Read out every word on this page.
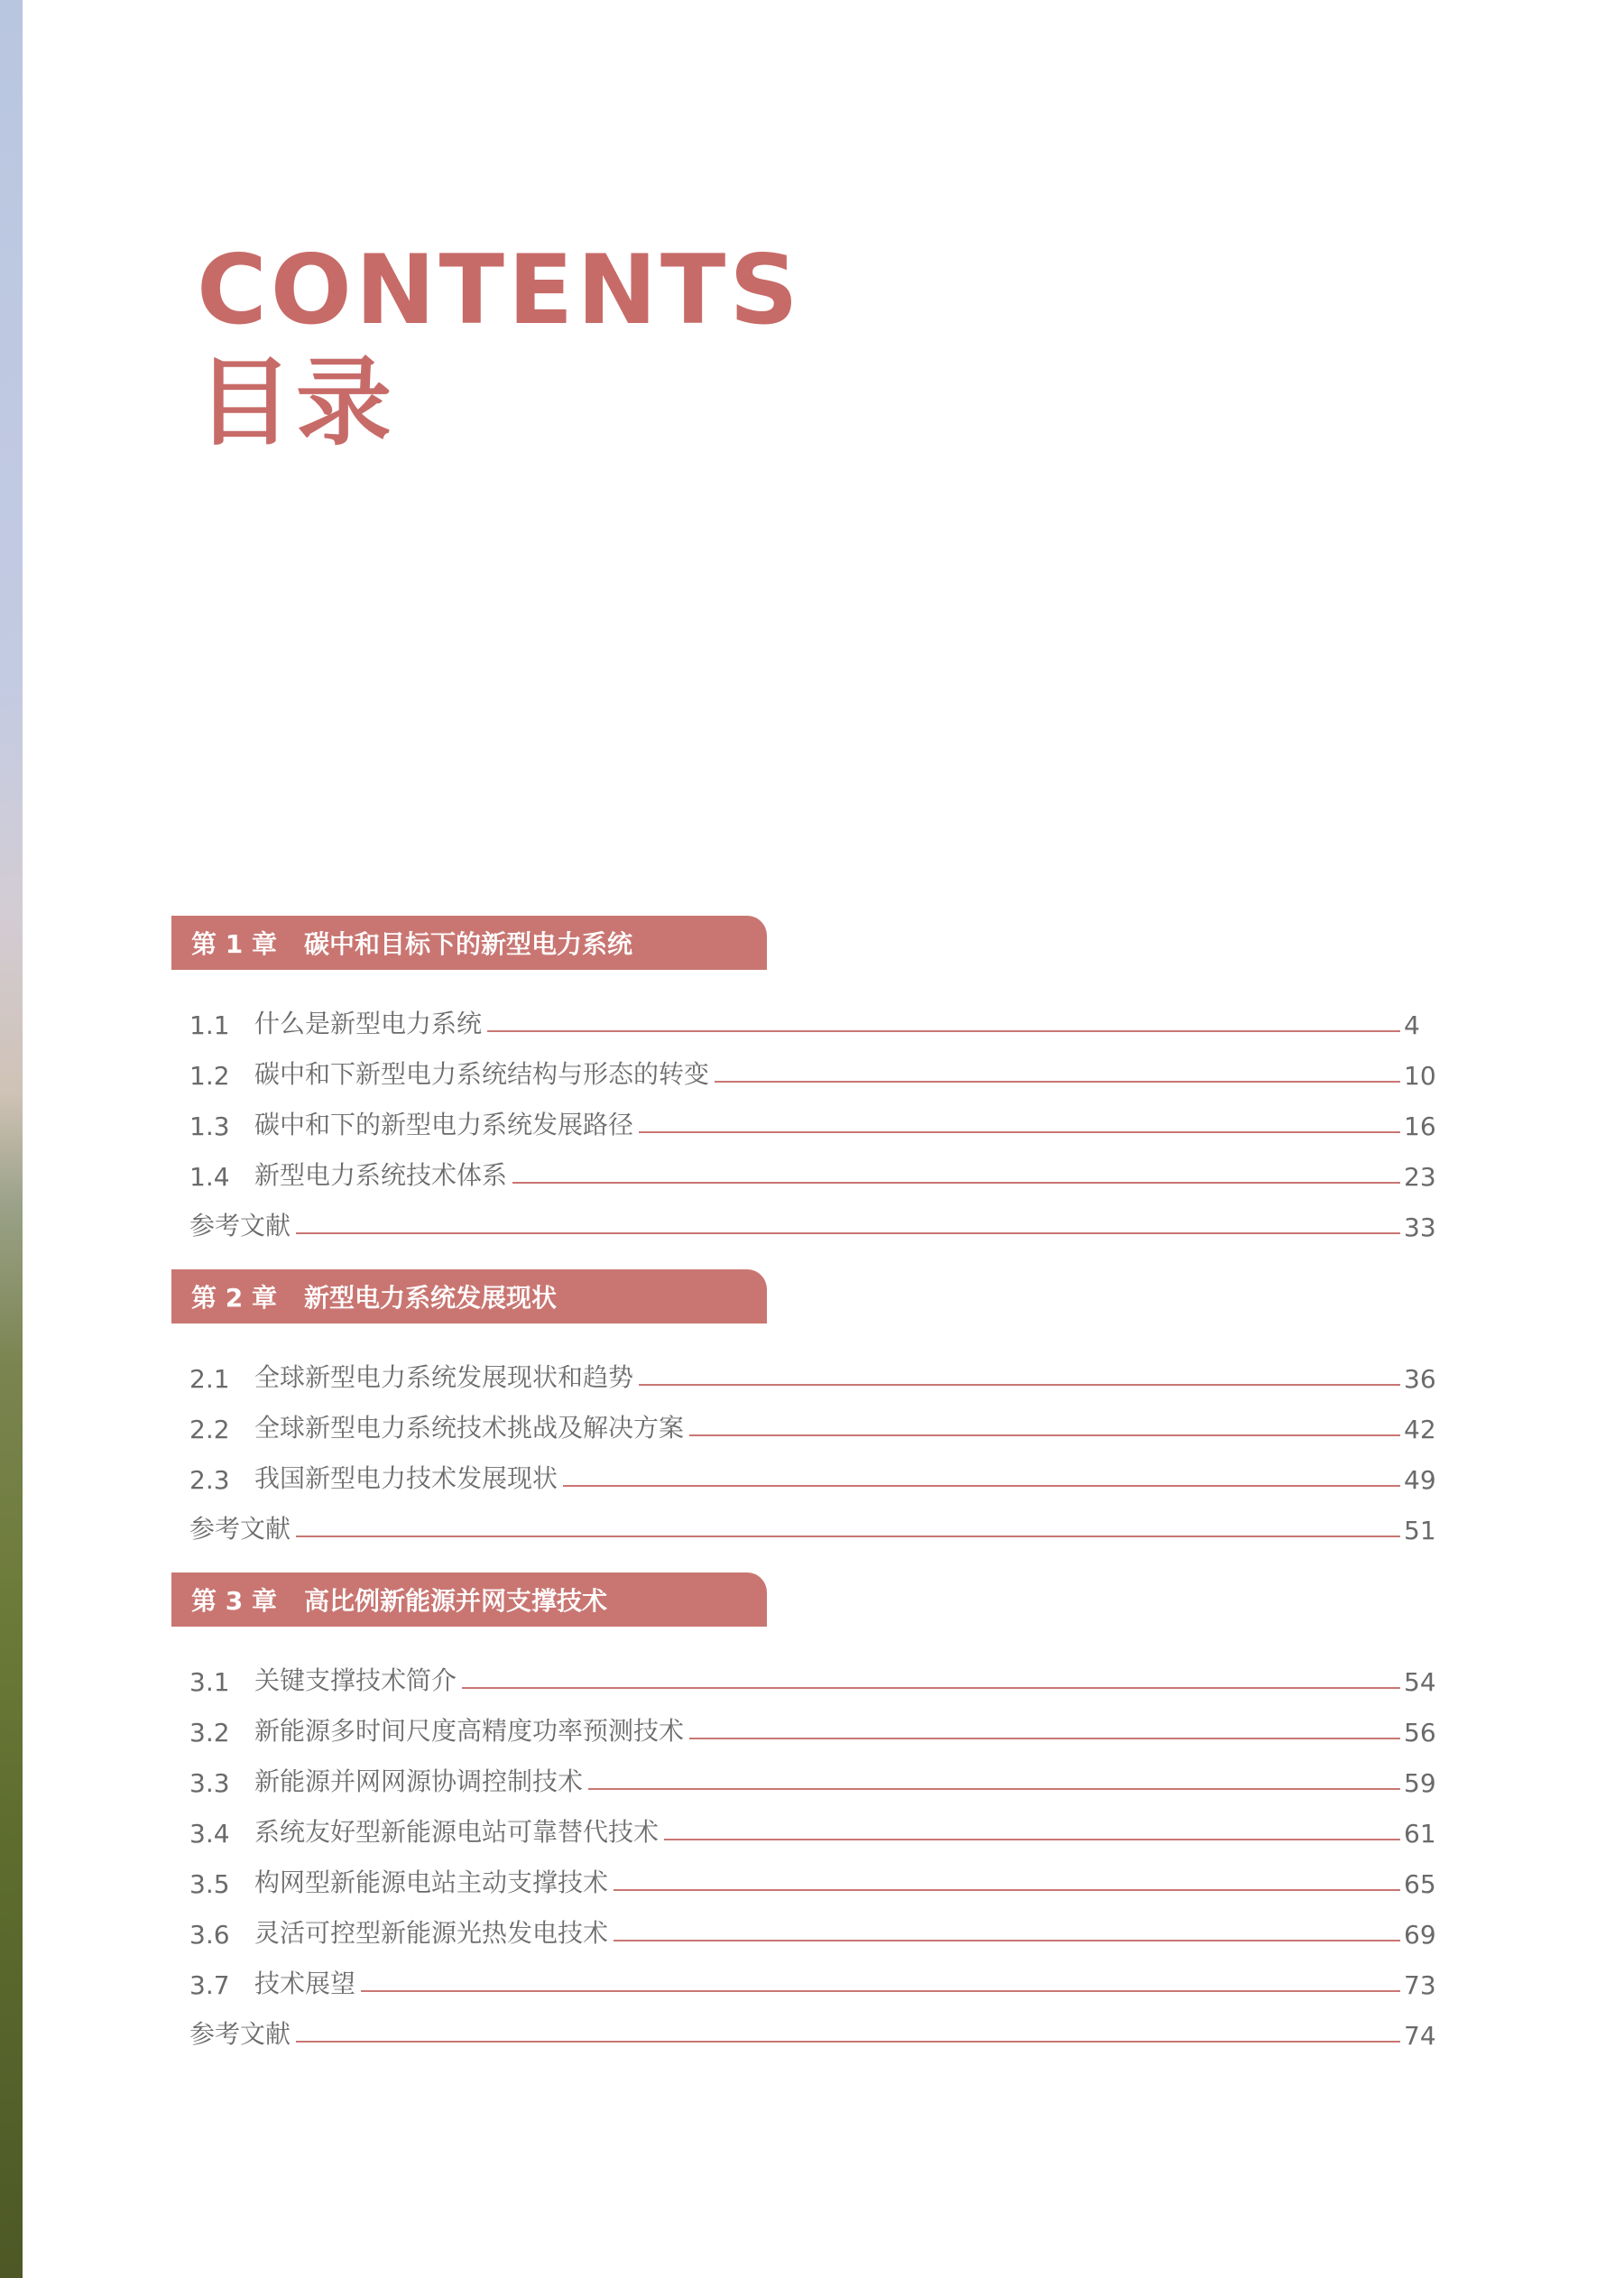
CONTENTS
目录
第 1 章 碳中和目标下的新型电力系统
1.1 什么是新型电力系统	4
1.2 碳中和下新型电力系统结构与形态的转变	10
1.3 碳中和下的新型电力系统发展路径	16
1.4 新型电力系统技术体系	23
参考文献	33
第 2 章 新型电力系统发展现状
2.1 全球新型电力系统发展现状和趋势	36
2.2 全球新型电力系统技术挑战及解决方案	42
2.3 我国新型电力技术发展现状	49
参考文献	51
第 3 章 高比例新能源并网支撑技术
3.1 关键支撑技术简介	54
3.2 新能源多时间尺度高精度功率预测技术	56
3.3 新能源并网网源协调控制技术	59
3.4 系统友好型新能源电站可靠替代技术	61
3.5 构网型新能源电站主动支撑技术	65
3.6 灵活可控型新能源光热发电技术	69
3.7 技术展望	73
参考文献	74
